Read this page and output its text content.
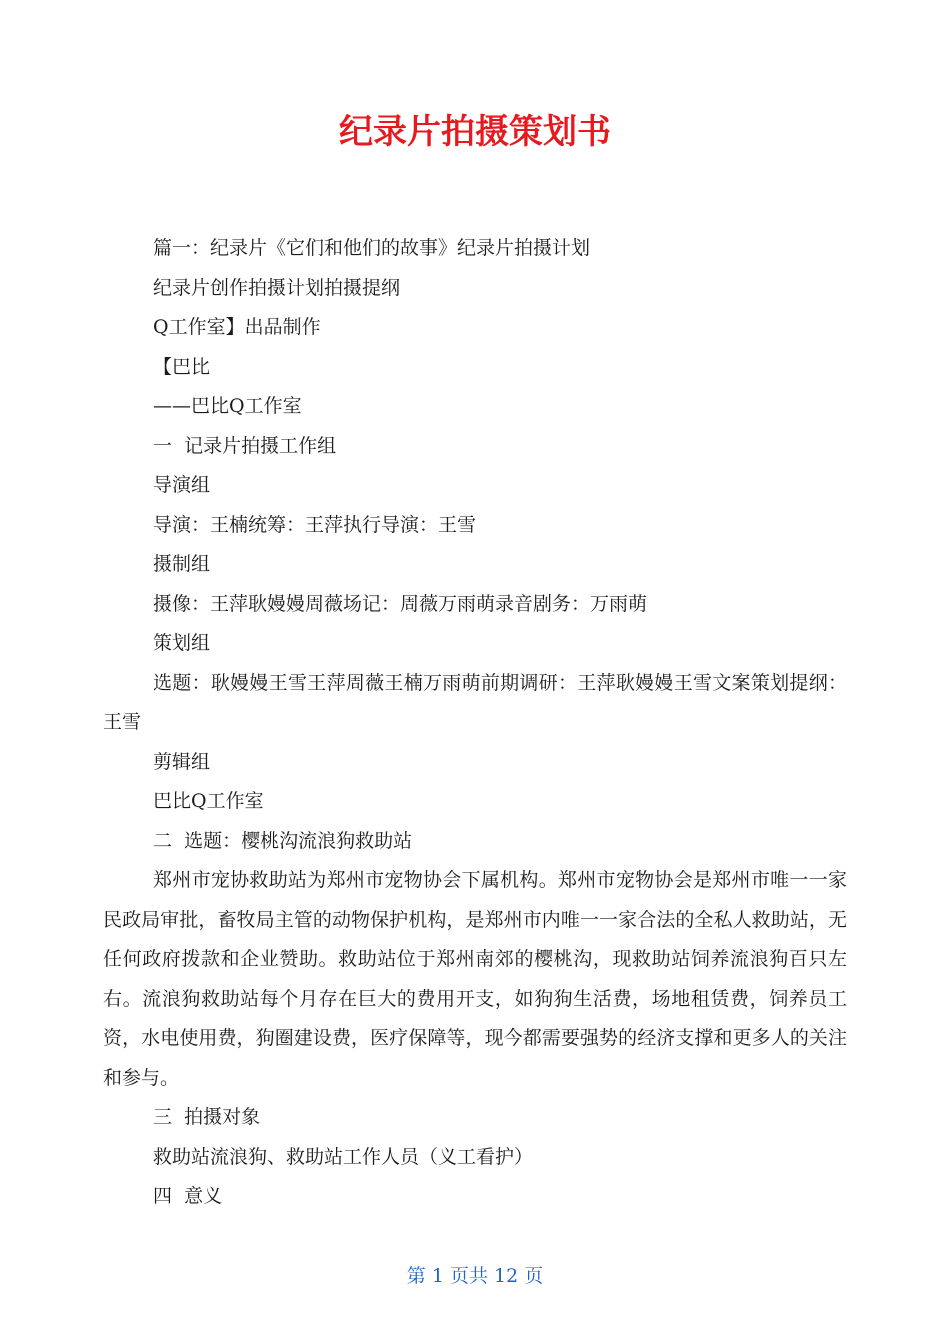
纪录片拍摄策划书

篇一：纪录片《它们和他们的故事》纪录片拍摄计划

纪录片创作拍摄计划拍摄提纲

Q工作室】出品制作

【巴比

——巴比Q工作室

一  记录片拍摄工作组

导演组

导演：王楠统筹：王萍执行导演：王雪

摄制组

摄像：王萍耿嫚嫚周薇场记：周薇万雨萌录音剧务：万雨萌

策划组

选题：耿嫚嫚王雪王萍周薇王楠万雨萌前期调研：王萍耿嫚嫚王雪文案策划提纲：王雪

剪辑组

巴比Q工作室

二  选题：樱桃沟流浪狗救助站

郑州市宠协救助站为郑州市宠物协会下属机构。郑州市宠物协会是郑州市唯一一家民政局审批，畜牧局主管的动物保护机构，是郑州市内唯一一家合法的全私人救助站，无任何政府拨款和企业赞助。救助站位于郑州南郊的樱桃沟，现救助站饲养流浪狗百只左右。流浪狗救助站每个月存在巨大的费用开支，如狗狗生活费，场地租赁费，饲养员工资，水电使用费，狗圈建设费，医疗保障等，现今都需要强势的经济支撑和更多人的关注和参与。

三  拍摄对象

救助站流浪狗、救助站工作人员（义工看护）

四  意义

第 1 页共 12 页
